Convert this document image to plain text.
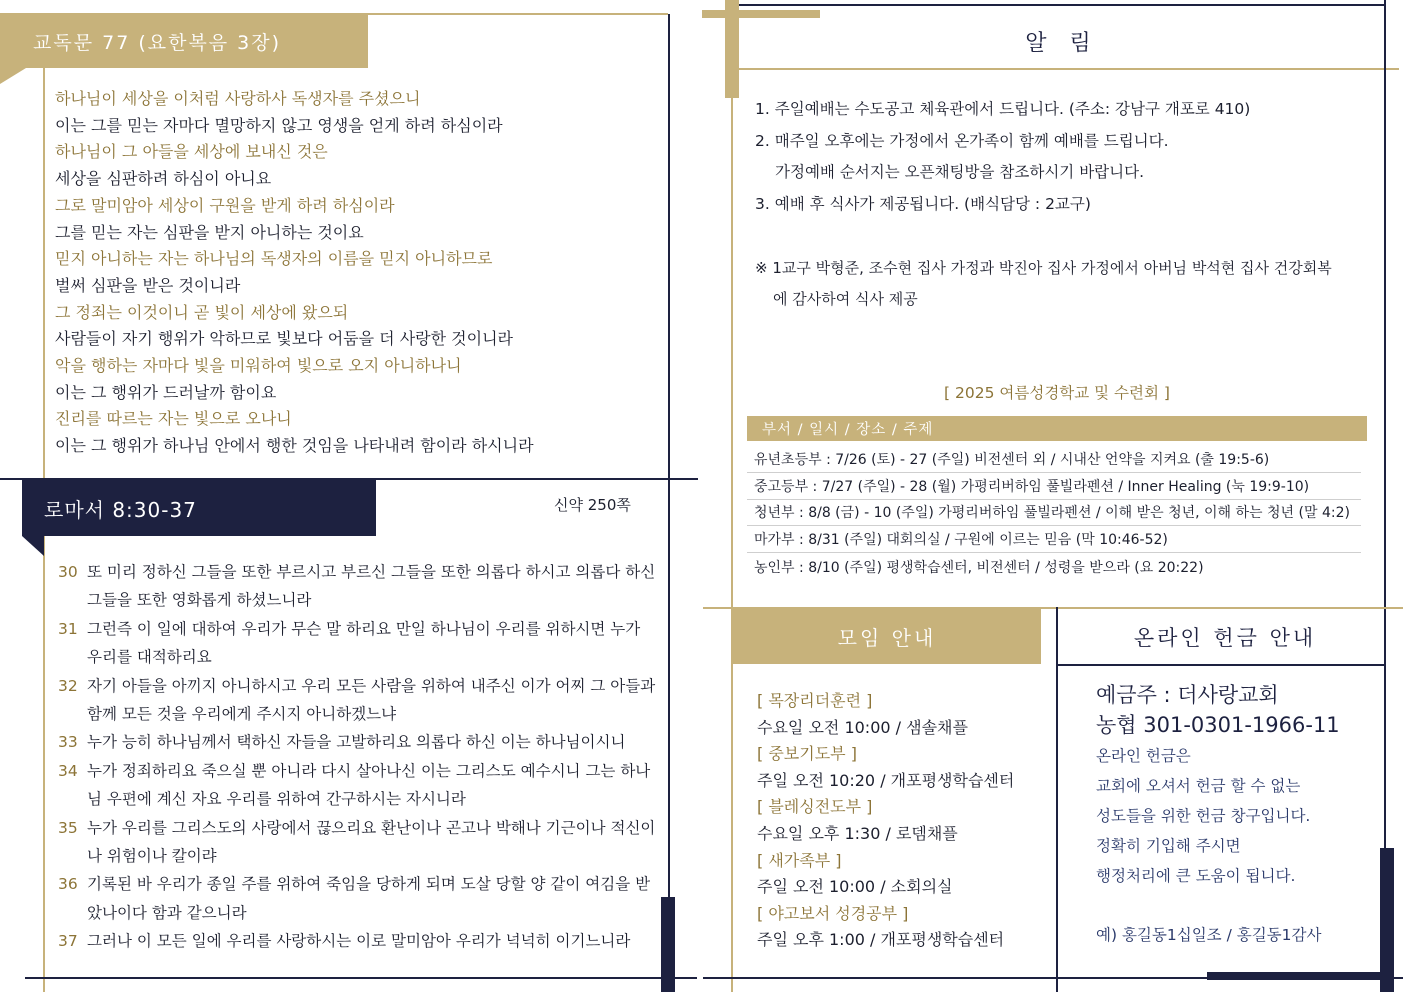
교독문 77 (요한복음 3장)
하나님이 세상을 이처럼 사랑하사 독생자를 주셨으니
이는 그를 믿는 자마다 멸망하지 않고 영생을 얻게 하려 하심이라
하나님이 그 아들을 세상에 보내신 것은
세상을 심판하려 하심이 아니요
그로 말미암아 세상이 구원을 받게 하려 하심이라
그를 믿는 자는 심판을 받지 아니하는 것이요
믿지 아니하는 자는 하나님의 독생자의 이름을 믿지 아니하므로
벌써 심판을 받은 것이니라
그 정죄는 이것이니 곧 빛이 세상에 왔으되
사람들이 자기 행위가 악하므로 빛보다 어둠을 더 사랑한 것이니라
악을 행하는 자마다 빛을 미워하여 빛으로 오지 아니하나니
이는 그 행위가 드러날까 함이요
진리를 따르는 자는 빛으로 오나니
이는 그 행위가 하나님 안에서 행한 것임을 나타내려 함이라 하시니라
로마서 8:30-37	신약 250쪽
30 또 미리 정하신 그들을 또한 부르시고 부르신 그들을 또한 의롭다 하시고 의롭다 하신 그들을 또한 영화롭게 하셨느니라
31 그런즉 이 일에 대하여 우리가 무슨 말 하리요 만일 하나님이 우리를 위하시면 누가 우리를 대적하리요
32 자기 아들을 아끼지 아니하시고 우리 모든 사람을 위하여 내주신 이가 어찌 그 아들과 함께 모든 것을 우리에게 주시지 아니하겠느냐
33 누가 능히 하나님께서 택하신 자들을 고발하리요 의롭다 하신 이는 하나님이시니
34 누가 정죄하리요 죽으실 뿐 아니라 다시 살아나신 이는 그리스도 예수시니 그는 하나님 우편에 계신 자요 우리를 위하여 간구하시는 자시니라
35 누가 우리를 그리스도의 사랑에서 끊으리요 환난이나 곤고나 박해나 기근이나 적신이나 위험이나 칼이랴
36 기록된 바 우리가 종일 주를 위하여 죽임을 당하게 되며 도살 당할 양 같이 여김을 받았나이다 함과 같으니라
37 그러나 이 모든 일에 우리를 사랑하시는 이로 말미암아 우리가 넉넉히 이기느니라
알 림
1. 주일예배는 수도공고 체육관에서 드립니다. (주소: 강남구 개포로 410)
2. 매주일 오후에는 가정에서 온가족이 함께 예배를 드립니다.
가정예배 순서지는 오픈채팅방을 참조하시기 바랍니다.
3. 예배 후 식사가 제공됩니다. (배식담당 : 2교구)
※ 1교구 박형준, 조수현 집사 가정과 박진아 집사 가정에서 아버님 박석현 집사 건강회복
에 감사하여 식사 제공
[ 2025 여름성경학교 및 수련회 ]
부서 / 일시 / 장소 / 주제
유년초등부 : 7/26 (토) - 27 (주일) 비전센터 외 / 시내산 언약을 지켜요 (출 19:5-6)
중고등부 : 7/27 (주일) - 28 (월) 가평리버하임 풀빌라펜션 / Inner Healing (눅 19:9-10)
청년부 : 8/8 (금) - 10 (주일) 가평리버하임 풀빌라펜션 / 이해 받은 청년, 이해 하는 청년 (말 4:2)
마가부 : 8/31 (주일) 대회의실 / 구원에 이르는 믿음 (막 10:46-52)
농인부 : 8/10 (주일) 평생학습센터, 비전센터 / 성령을 받으라 (요 20:22)
모임 안내
[ 목장리더훈련 ]
수요일 오전 10:00 / 샘솔채플
[ 중보기도부 ]
주일 오전 10:20 / 개포평생학습센터
[ 블레싱전도부 ]
수요일 오후 1:30 / 로뎀채플
[ 새가족부 ]
주일 오전 10:00 / 소회의실
[ 야고보서 성경공부 ]
주일 오후 1:00 / 개포평생학습센터
온라인 헌금 안내
예금주 : 더사랑교회
농협 301-0301-1966-11
온라인 헌금은
교회에 오셔서 헌금 할 수 없는
성도들을 위한 헌금 창구입니다.
정확히 기입해 주시면
행정처리에 큰 도움이 됩니다.
예) 홍길동1십일조 / 홍길동1감사
